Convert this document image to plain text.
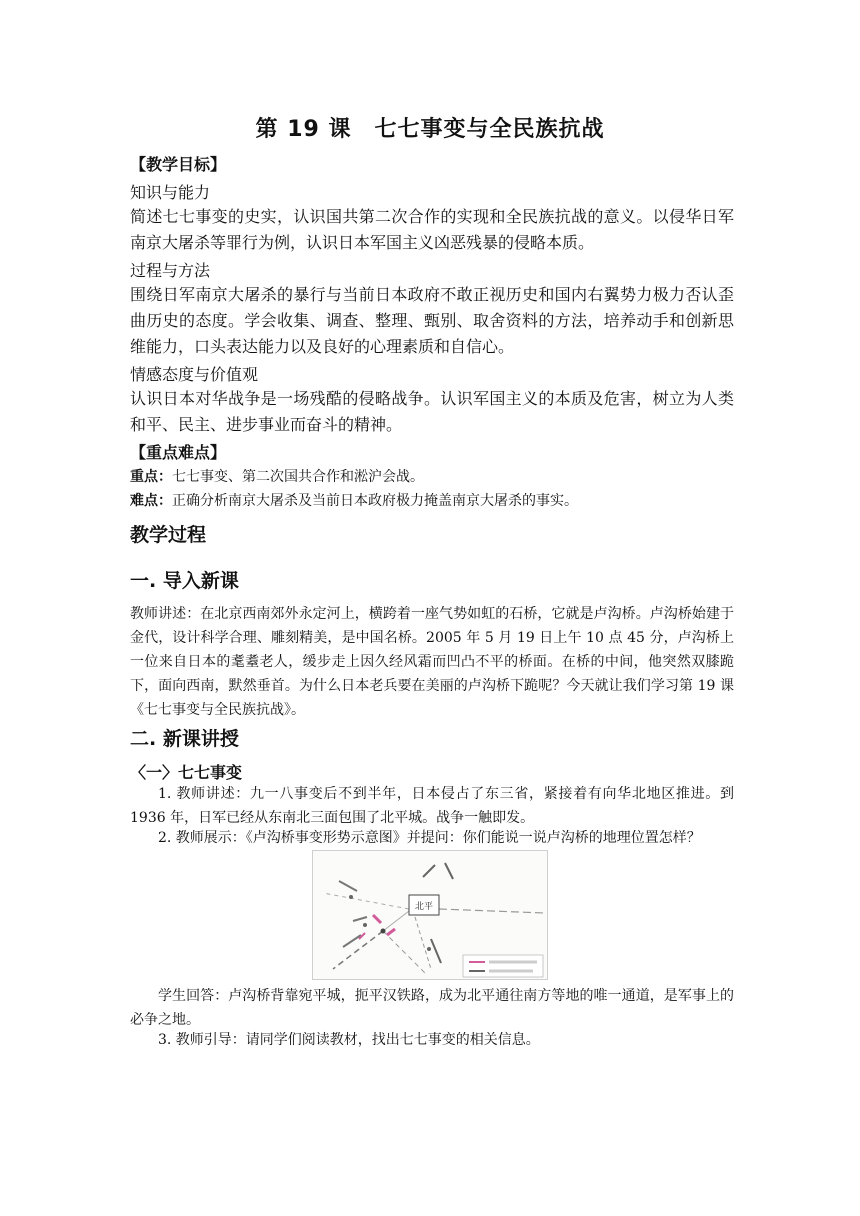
第 19 课　七七事变与全民族抗战
【教学目标】
知识与能力
简述七七事变的史实，认识国共第二次合作的实现和全民族抗战的意义。以侵华日军南京大屠杀等罪行为例，认识日本军国主义凶恶残暴的侵略本质。
过程与方法
围绕日军南京大屠杀的暴行与当前日本政府不敢正视历史和国内右翼势力极力否认歪曲历史的态度。学会收集、调查、整理、甄别、取舍资料的方法，培养动手和创新思维能力，口头表达能力以及良好的心理素质和自信心。
情感态度与价值观
认识日本对华战争是一场残酷的侵略战争。认识军国主义的本质及危害，树立为人类和平、民主、进步事业而奋斗的精神。
【重点难点】
重点：七七事变、第二次国共合作和淞沪会战。
难点：正确分析南京大屠杀及当前日本政府极力掩盖南京大屠杀的事实。
教学过程
一. 导入新课
教师讲述：在北京西南郊外永定河上，横跨着一座气势如虹的石桥，它就是卢沟桥。卢沟桥始建于金代，设计科学合理、雕刻精美，是中国名桥。2005 年 5 月 19 日上午 10 点 45 分，卢沟桥上一位来自日本的耄耋老人，缓步走上因久经风霜而凹凸不平的桥面。在桥的中间，他突然双膝跪下，面向西南，默然垂首。为什么日本老兵要在美丽的卢沟桥下跪呢？今天就让我们学习第 19 课《七七事变与全民族抗战》。
二. 新课讲授
〈一〉七七事变
1. 教师讲述：九一八事变后不到半年，日本侵占了东三省，紧接着有向华北地区推进。到 1936 年，日军已经从东南北三面包围了北平城。战争一触即发。
2. 教师展示：《卢沟桥事变形势示意图》并提问：你们能说一说卢沟桥的地理位置怎样？
北平
学生回答：卢沟桥背靠宛平城，扼平汉铁路，成为北平通往南方等地的唯一通道，是军事上的必争之地。
3. 教师引导：请同学们阅读教材，找出七七事变的相关信息。
